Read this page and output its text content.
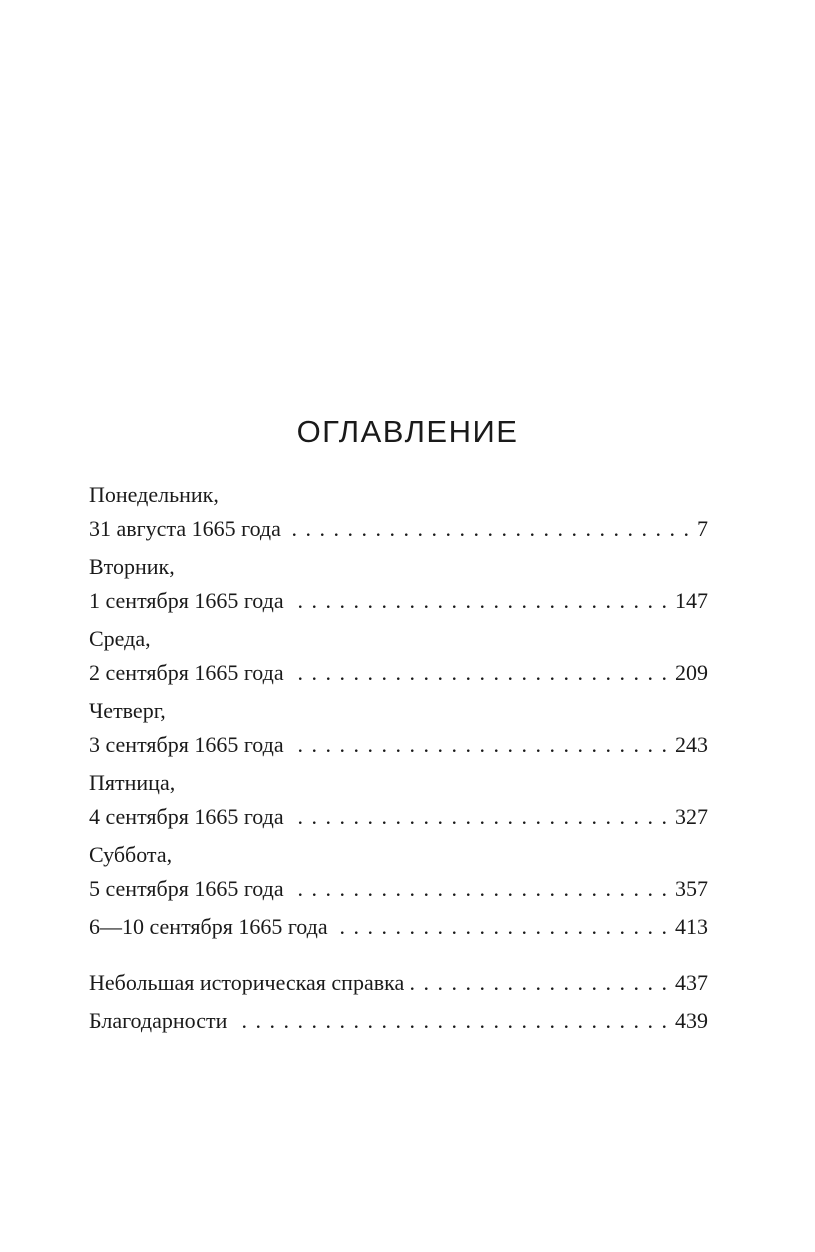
ОГЛАВЛЕНИЕ
Понедельник,
31 августа 1665 года . . .	7
Вторник,
1 сентября 1665 года . . .	147
Среда,
2 сентября 1665 года . . .	209
Четверг,
3 сентября 1665 года . . .	243
Пятница,
4 сентября 1665 года . . .	327
Суббота,
5 сентября 1665 года . . .	357
6—10 сентября 1665 года . . .	413
Небольшая историческая справка . . .	437
Благодарности . . .	439
